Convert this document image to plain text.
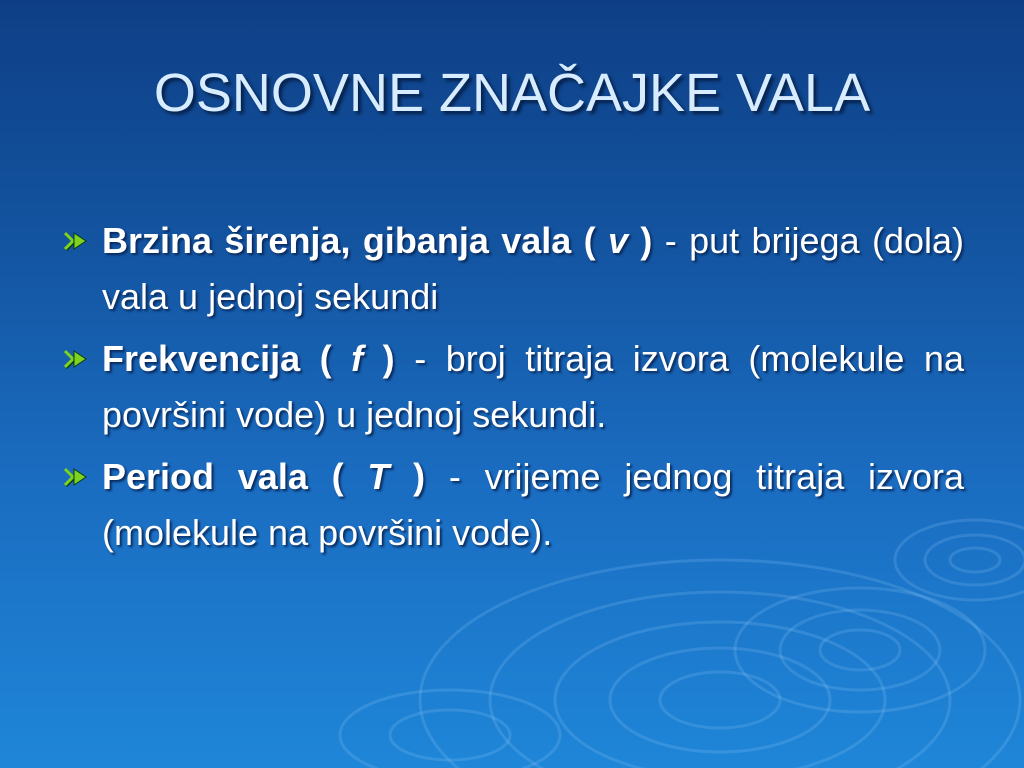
OSNOVNE ZNAČAJKE VALA
Brzina širenja, gibanja vala ( v ) - put brijega (dola) vala u jednoj sekundi
Frekvencija ( f ) - broj titraja izvora (molekule na površini vode) u jednoj sekundi.
Period vala ( T ) - vrijeme jednog titraja izvora (molekule na površini vode).
